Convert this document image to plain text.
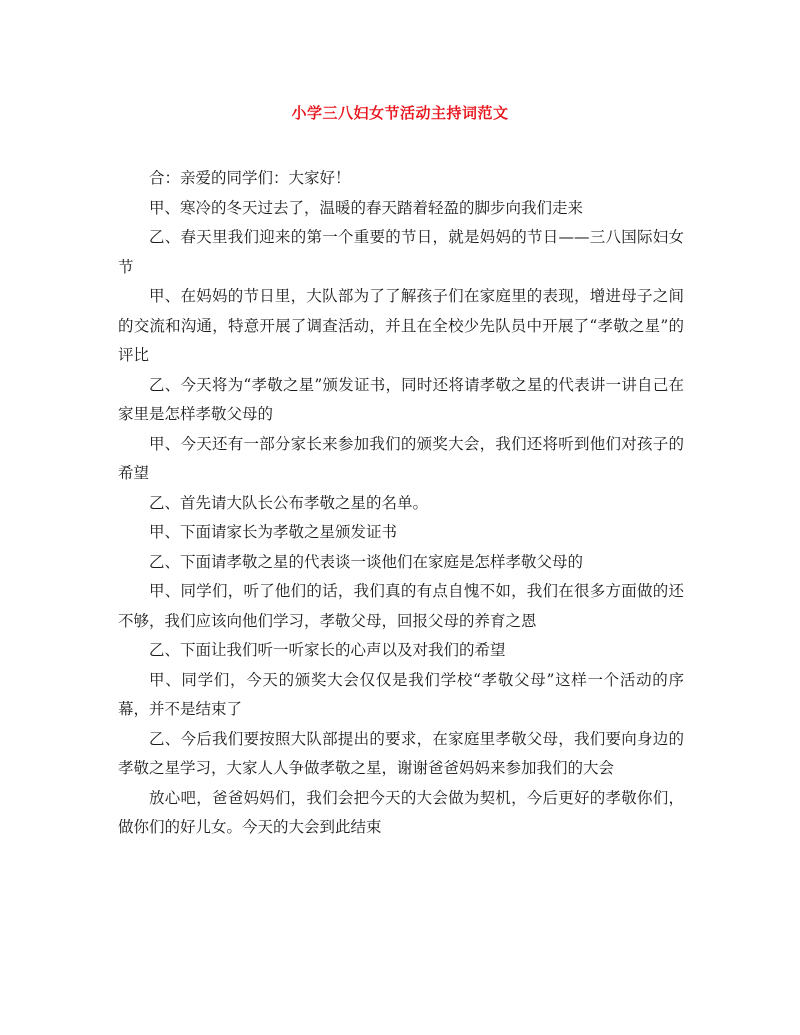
小学三八妇女节活动主持词范文

合：亲爱的同学们：大家好！

甲、寒冷的冬天过去了，温暖的春天踏着轻盈的脚步向我们走来

乙、春天里我们迎来的第一个重要的节日，就是妈妈的节日——三八国际妇女节

甲、在妈妈的节日里，大队部为了了解孩子们在家庭里的表现，增进母子之间的交流和沟通，特意开展了调查活动，并且在全校少先队员中开展了“孝敬之星”的评比

乙、今天将为“孝敬之星”颁发证书，同时还将请孝敬之星的代表讲一讲自己在家里是怎样孝敬父母的

甲、今天还有一部分家长来参加我们的颁奖大会，我们还将听到他们对孩子的希望

乙、首先请大队长公布孝敬之星的名单。

甲、下面请家长为孝敬之星颁发证书

乙、下面请孝敬之星的代表谈一谈他们在家庭是怎样孝敬父母的

甲、同学们，听了他们的话，我们真的有点自愧不如，我们在很多方面做的还不够，我们应该向他们学习，孝敬父母，回报父母的养育之恩

乙、下面让我们听一听家长的心声以及对我们的希望

甲、同学们，今天的颁奖大会仅仅是我们学校“孝敬父母”这样一个活动的序幕，并不是结束了

乙、今后我们要按照大队部提出的要求，在家庭里孝敬父母，我们要向身边的孝敬之星学习，大家人人争做孝敬之星，谢谢爸爸妈妈来参加我们的大会

放心吧，爸爸妈妈们，我们会把今天的大会做为契机，今后更好的孝敬你们，做你们的好儿女。今天的大会到此结束
